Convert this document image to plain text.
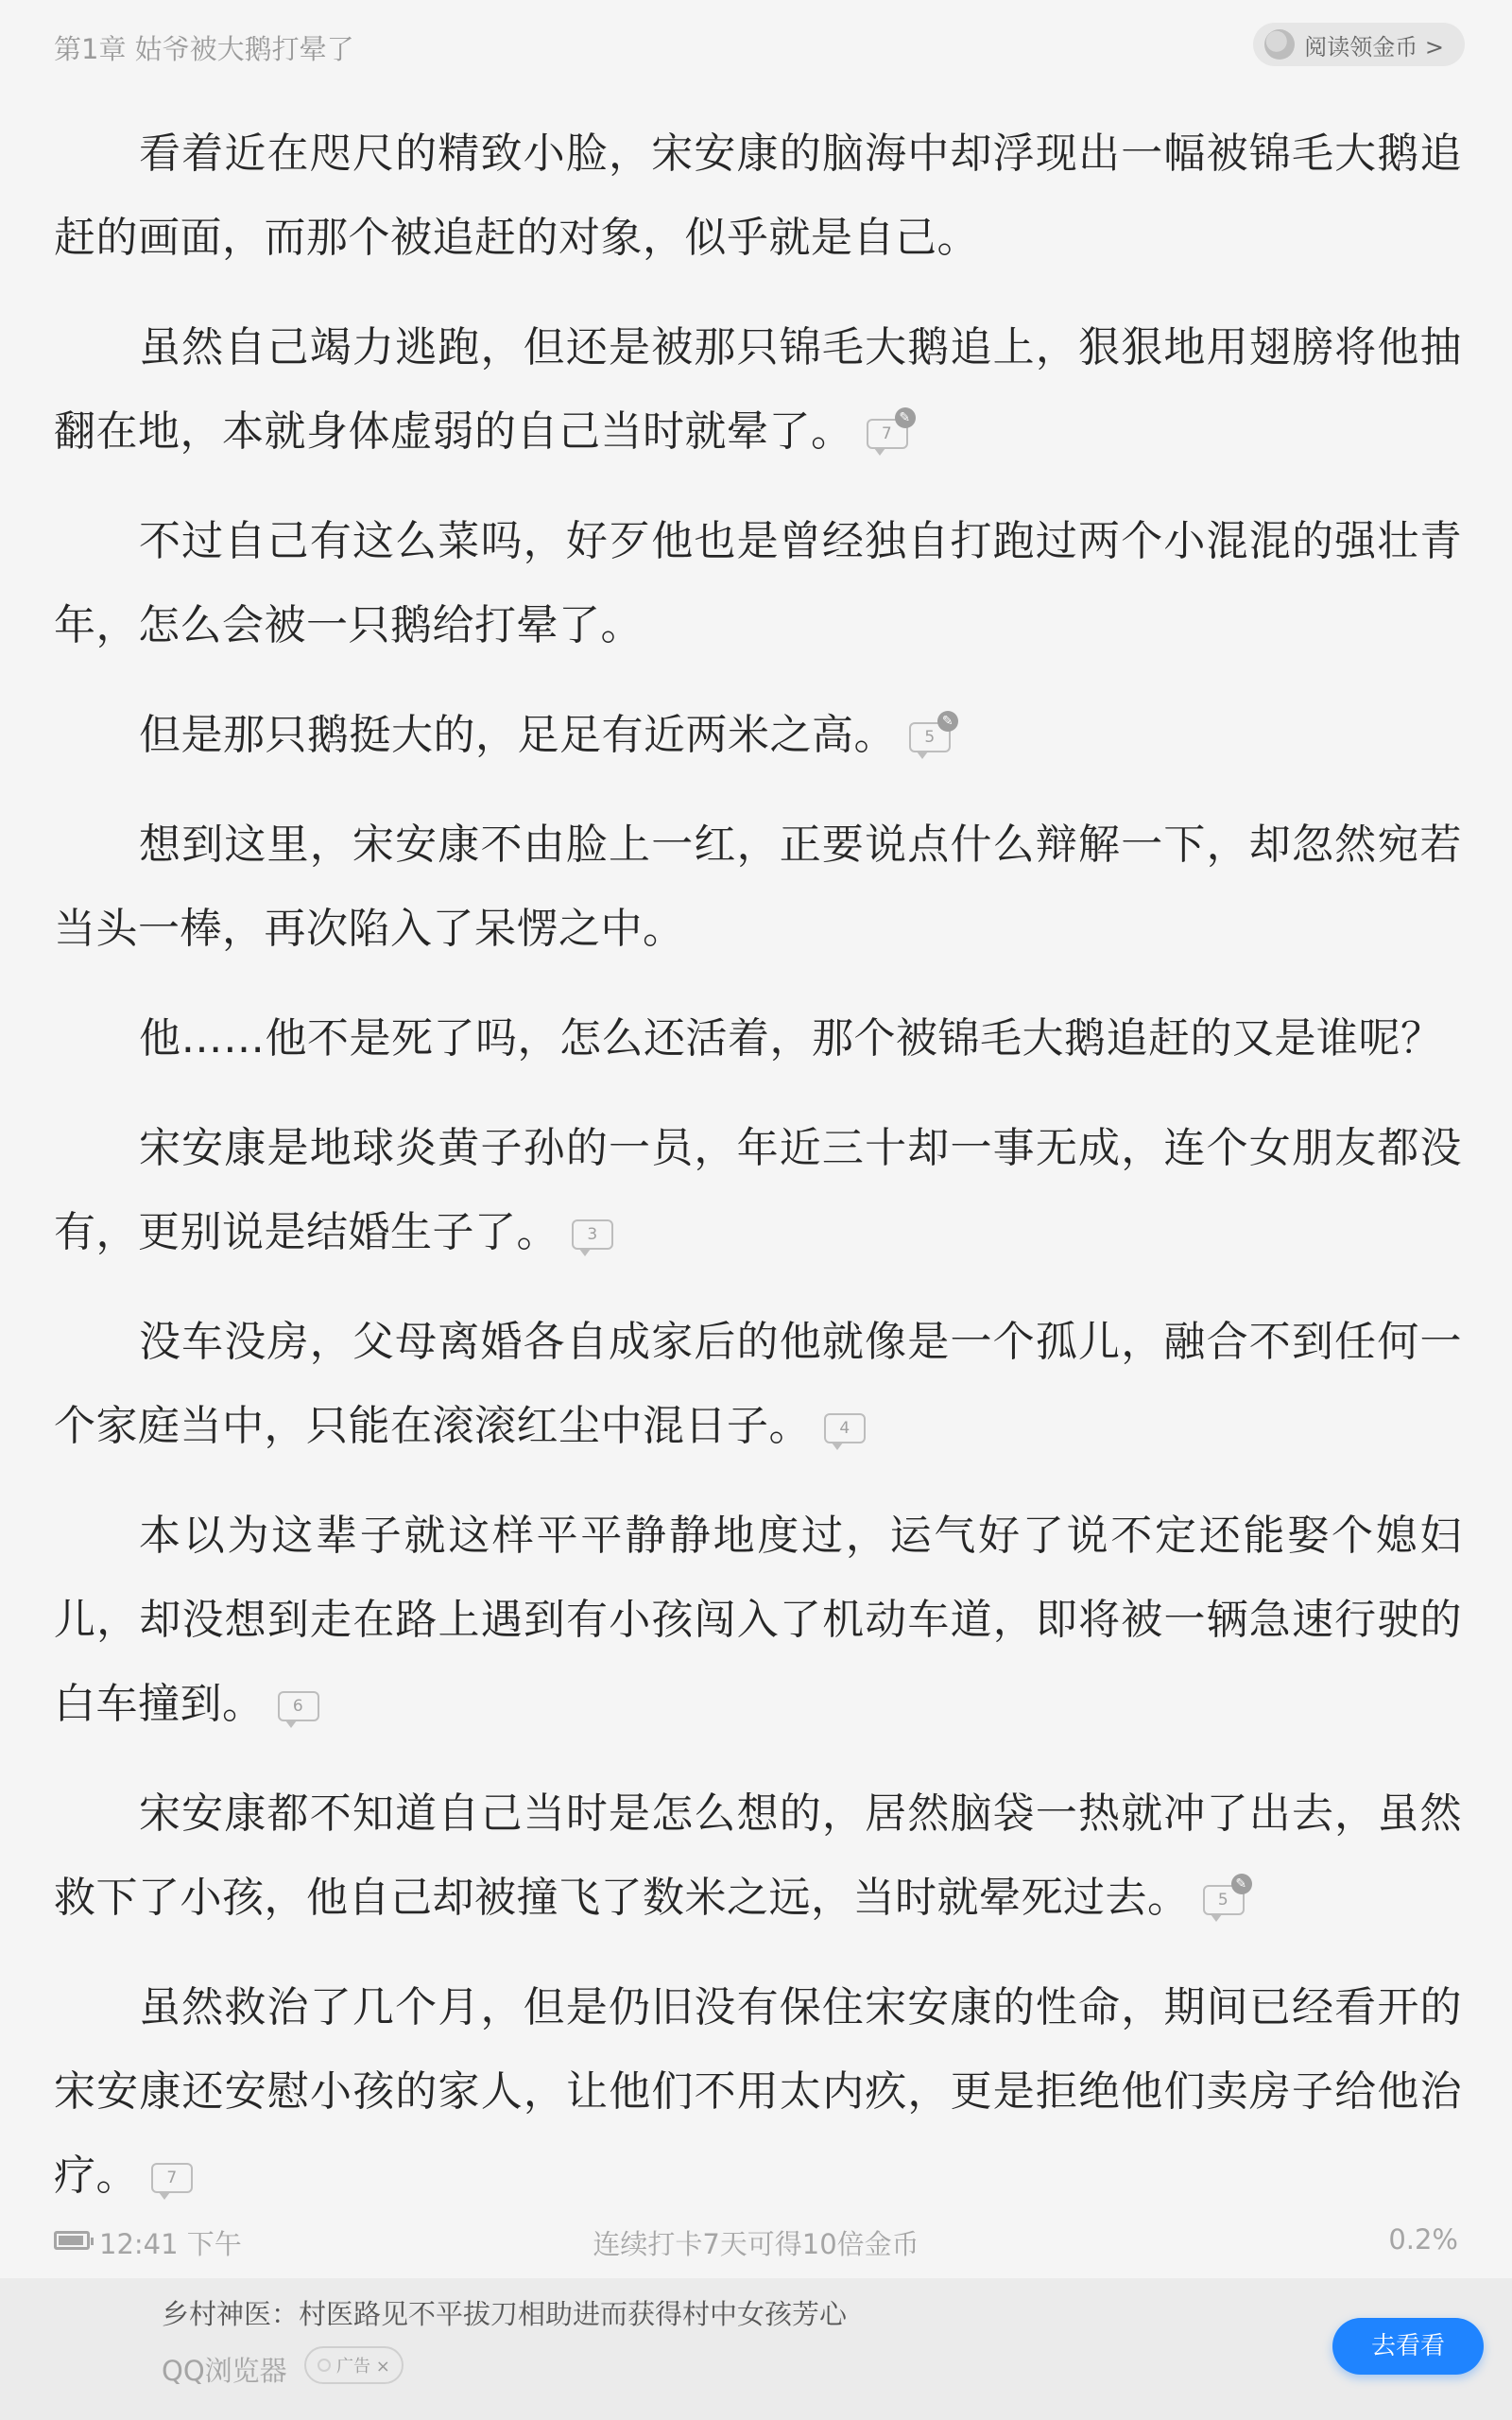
第1章 姑爷被大鹅打晕了	阅读领金币 >

看着近在咫尺的精致小脸，宋安康的脑海中却浮现出一幅被锦毛大鹅追赶的画面，而那个被追赶的对象，似乎就是自己。

虽然自己竭力逃跑，但还是被那只锦毛大鹅追上，狠狠地用翅膀将他抽翻在地，本就身体虚弱的自己当时就晕了。 7
✎

不过自己有这么菜吗，好歹他也是曾经独自打跑过两个小混混的强壮青年，怎么会被一只鹅给打晕了。

但是那只鹅挺大的，足足有近两米之高。 5
✎

想到这里，宋安康不由脸上一红，正要说点什么辩解一下，却忽然宛若当头一棒，再次陷入了呆愣之中。

他……他不是死了吗，怎么还活着，那个被锦毛大鹅追赶的又是谁呢？

宋安康是地球炎黄子孙的一员，年近三十却一事无成，连个女朋友都没有，更别说是结婚生子了。 3

没车没房，父母离婚各自成家后的他就像是一个孤儿，融合不到任何一个家庭当中，只能在滚滚红尘中混日子。 4

本以为这辈子就这样平平静静地度过，运气好了说不定还能娶个媳妇儿，却没想到走在路上遇到有小孩闯入了机动车道，即将被一辆急速行驶的白车撞到。 6

宋安康都不知道自己当时是怎么想的，居然脑袋一热就冲了出去，虽然救下了小孩，他自己却被撞飞了数米之远，当时就晕死过去。 5
✎

虽然救治了几个月，但是仍旧没有保住宋安康的性命，期间已经看开的宋安康还安慰小孩的家人，让他们不用太内疚，更是拒绝他们卖房子给他治疗。 7

12:41 下午	连续打卡7天可得10倍金币	0.2%
乡村神医：村医路见不平拔刀相助进而获得村中女孩芳心
QQ浏览器	广告 ×
去看看
